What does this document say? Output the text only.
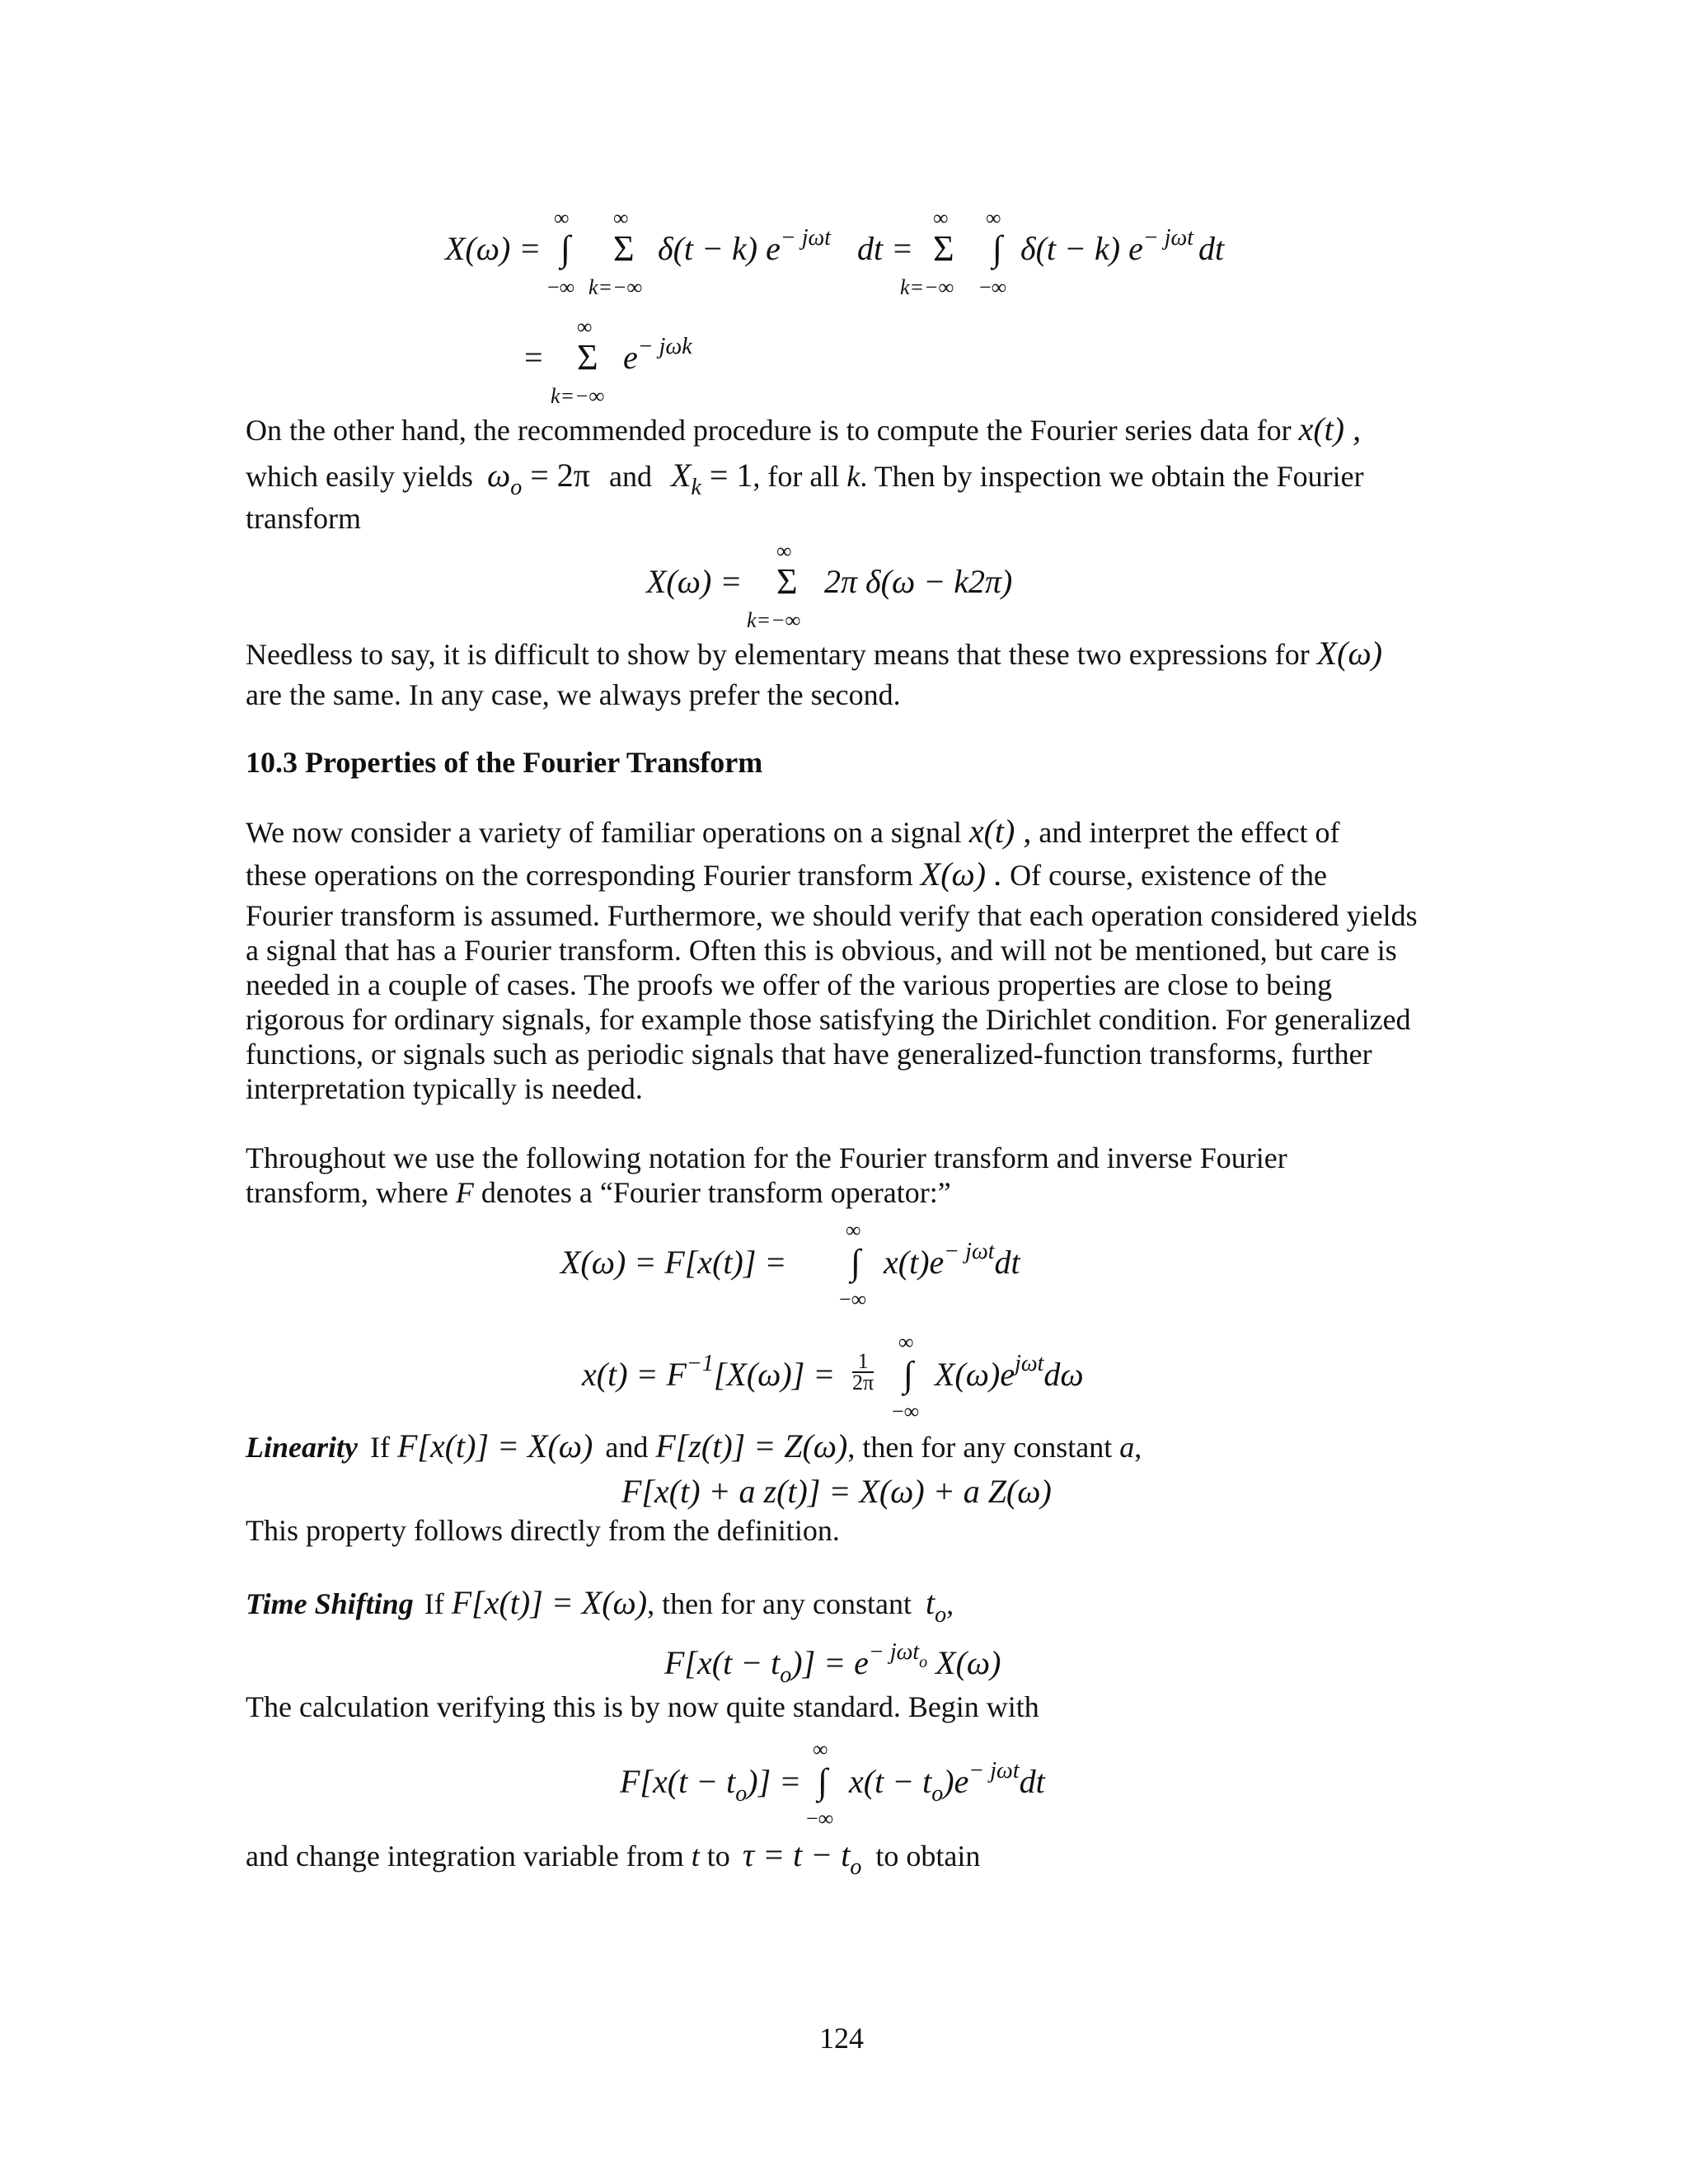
X(ω) =
∞
∫
−∞
∞
Σ
k=−∞
δ(t − k) $e^{- j\omega t}$ dt =
∞
Σ
k=−∞
∞
∫
−∞
δ(t − k) $e^{- j\omega t}$ dt
=
∞
Σ
k=−∞
$e^{- j\omega k}$
On the other hand, the recommended procedure is to compute the Fourier series data for x(t) ,
which easily yields $\omega_o = 2\pi$ and $X_k = 1$, for all k. Then by inspection we obtain the Fourier
transform
X(ω) =
∞
Σ
k=−∞
2π δ(ω − k2π)
Needless to say, it is difficult to show by elementary means that these two expressions for X(ω)
are the same. In any case, we always prefer the second.
10.3 Properties of the Fourier Transform
We now consider a variety of familiar operations on a signal x(t) , and interpret the effect of
these operations on the corresponding Fourier transform X(ω) . Of course, existence of the
Fourier transform is assumed. Furthermore, we should verify that each operation considered yields a signal that has a Fourier transform. Often this is obvious, and will not be mentioned, but care is needed in a couple of cases. The proofs we offer of the various properties are close to being rigorous for ordinary signals, for example those satisfying the Dirichlet condition. For generalized functions, or signals such as periodic signals that have generalized-function transforms, further interpretation typically is needed.
Throughout we use the following notation for the Fourier transform and inverse Fourier
transform, where F denotes a “Fourier transform operator:”
X(ω) = F[x(t)] =
∞
∫
−∞
$x(t)e^{- j\omega t}dt$
$x(t) = F^{-1}[X(\omega)] = \frac{1}{2\pi}$
∞
∫
−∞
$X(\omega)e^{j\omega t}d\omega$
Linearity If F[x(t)] = X(ω) and F[z(t)] = Z(ω), then for any constant a,
F[x(t) + a z(t)] = X(ω) + a Z(ω)
This property follows directly from the definition.
Time Shifting If F[x(t)] = X(ω), then for any constant $t_o$,
$F[x(t - t_o)] = e^{- j\omega to}$ X(ω)
The calculation verifying this is by now quite standard. Begin with
$F[x(t - t_o)]$ =
∞
∫
−∞
$x(t - t_o)e^{- j\omega t}dt$
and change integration variable from t to $\tau = t - t_o$ to obtain
124
